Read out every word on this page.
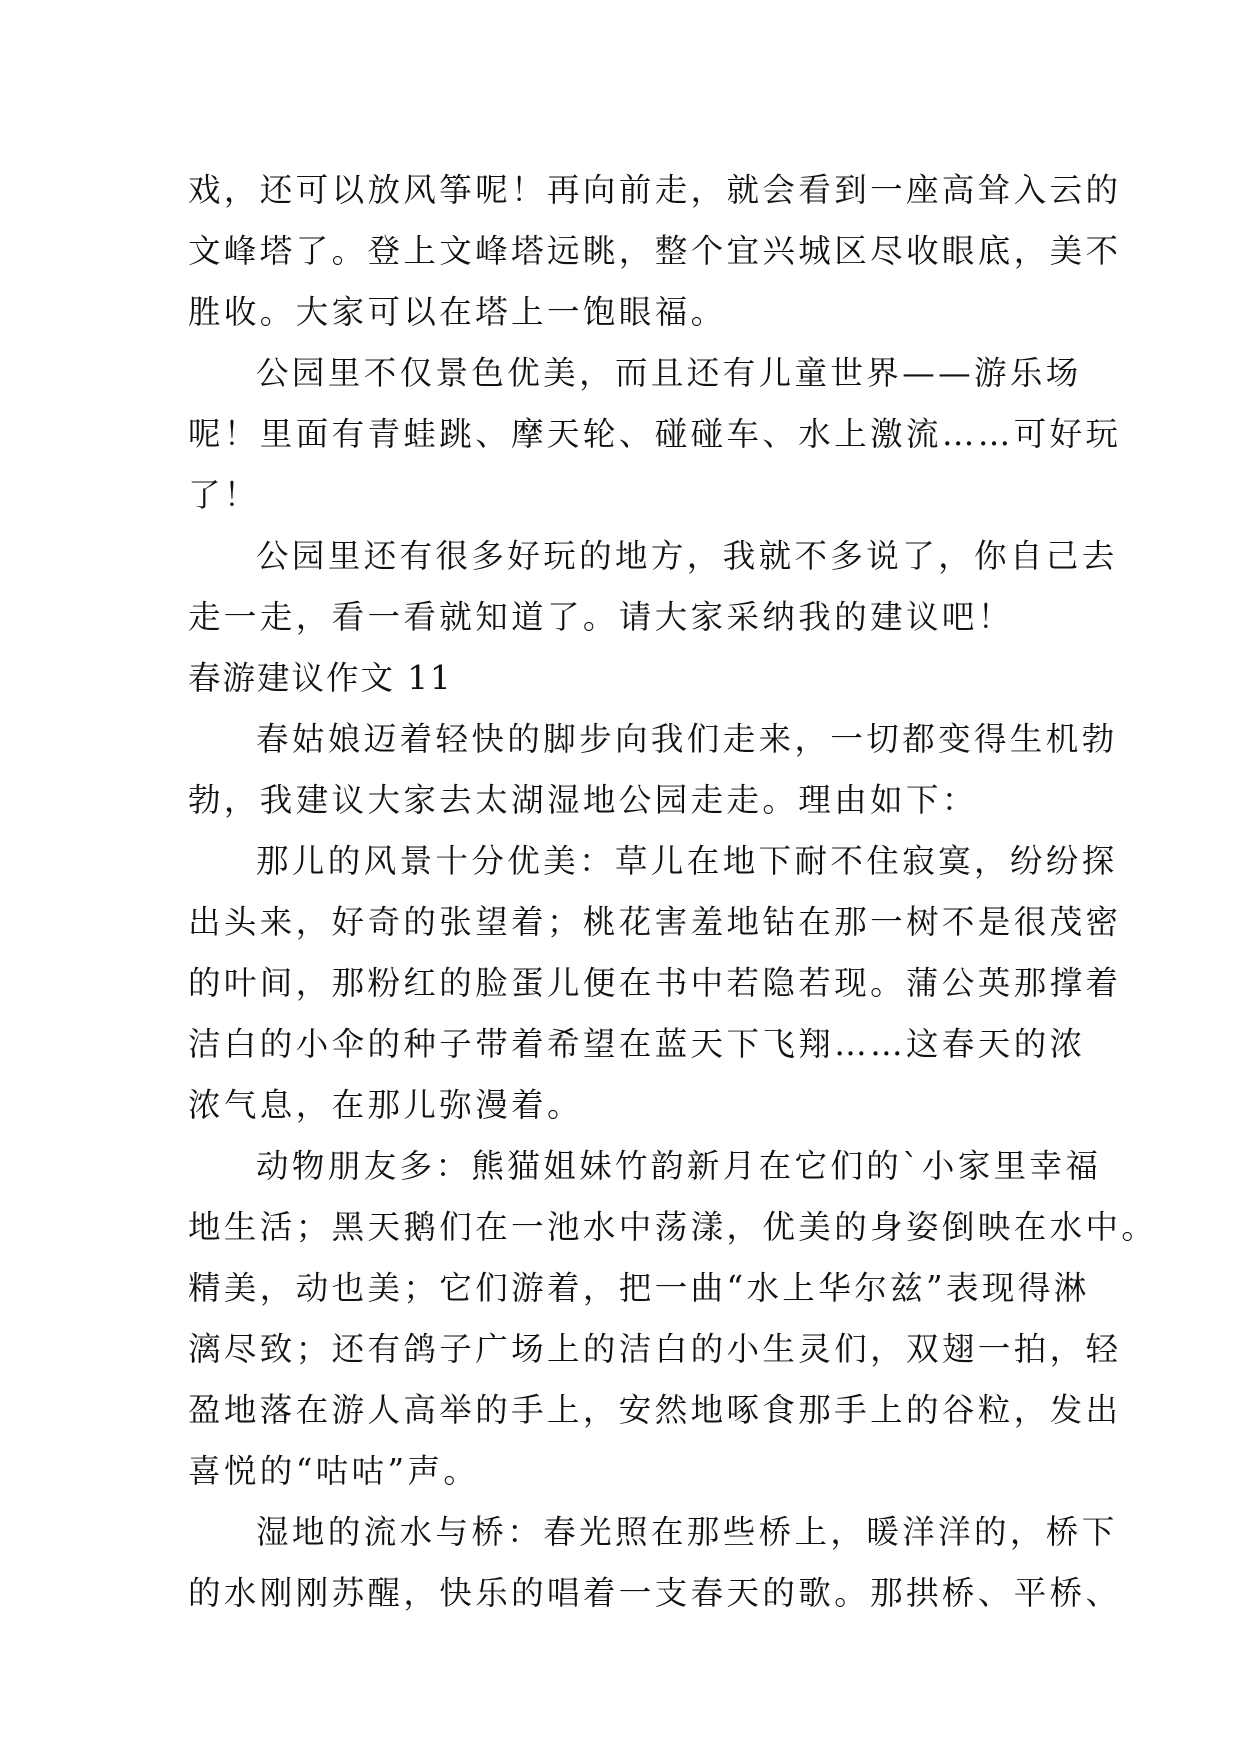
戏，还可以放风筝呢！再向前走，就会看到一座高耸入云的
文峰塔了。登上文峰塔远眺，整个宜兴城区尽收眼底，美不
胜收。大家可以在塔上一饱眼福。
公园里不仅景色优美，而且还有儿童世界——游乐场
呢！里面有青蛙跳、摩天轮、碰碰车、水上激流……可好玩
了！
公园里还有很多好玩的地方，我就不多说了，你自己去
走一走，看一看就知道了。请大家采纳我的建议吧！
春游建议作文 11
春姑娘迈着轻快的脚步向我们走来，一切都变得生机勃
勃，我建议大家去太湖湿地公园走走。理由如下：
那儿的风景十分优美：草儿在地下耐不住寂寞，纷纷探
出头来，好奇的张望着；桃花害羞地钻在那一树不是很茂密
的叶间，那粉红的脸蛋儿便在书中若隐若现。蒲公英那撑着
洁白的小伞的种子带着希望在蓝天下飞翔……这春天的浓
浓气息，在那儿弥漫着。
动物朋友多：熊猫姐妹竹韵新月在它们的`小家里幸福
地生活；黑天鹅们在一池水中荡漾，优美的身姿倒映在水中。
精美，动也美；它们游着，把一曲“水上华尔兹”表现得淋
漓尽致；还有鸽子广场上的洁白的小生灵们，双翅一拍，轻
盈地落在游人高举的手上，安然地啄食那手上的谷粒，发出
喜悦的“咕咕”声。
湿地的流水与桥：春光照在那些桥上，暖洋洋的，桥下
的水刚刚苏醒，快乐的唱着一支春天的歌。那拱桥、平桥、
